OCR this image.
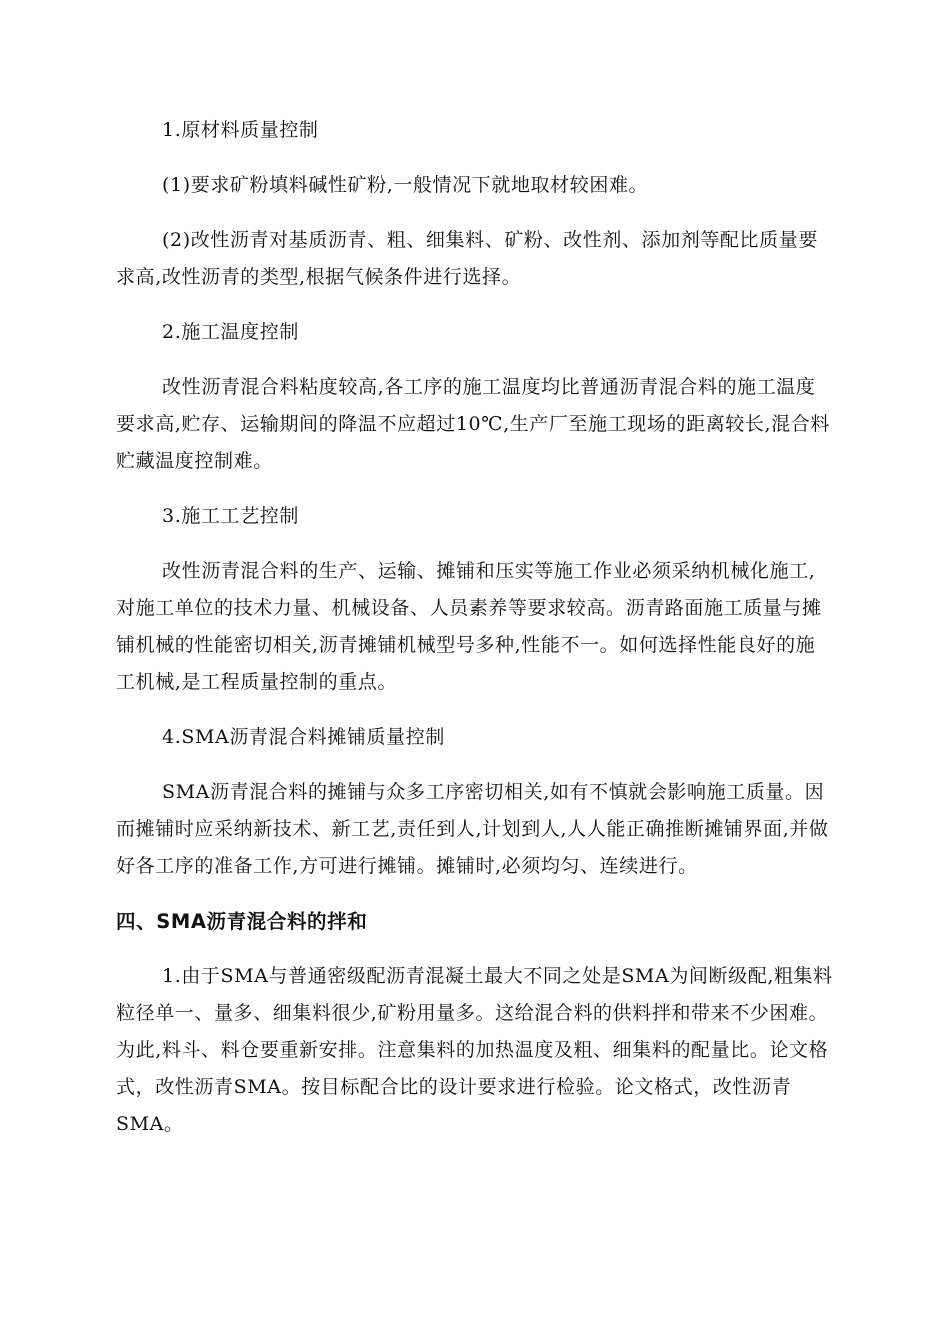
1.原材料质量控制

(1)要求矿粉填料碱性矿粉,一般情况下就地取材较困难。

(2)改性沥青对基质沥青、粗、细集料、矿粉、改性剂、添加剂等配比质量要求高,改性沥青的类型,根据气候条件进行选择。

2.施工温度控制

改性沥青混合料粘度较高,各工序的施工温度均比普通沥青混合料的施工温度要求高,贮存、运输期间的降温不应超过10℃,生产厂至施工现场的距离较长,混合料贮藏温度控制难。

3.施工工艺控制

改性沥青混合料的生产、运输、摊铺和压实等施工作业必须采纳机械化施工,对施工单位的技术力量、机械设备、人员素养等要求较高。沥青路面施工质量与摊铺机械的性能密切相关,沥青摊铺机械型号多种,性能不一。如何选择性能良好的施工机械,是工程质量控制的重点。

4.SMA沥青混合料摊铺质量控制

SMA沥青混合料的摊铺与众多工序密切相关,如有不慎就会影响施工质量。因而摊铺时应采纳新技术、新工艺,责任到人,计划到人,人人能正确推断摊铺界面,并做好各工序的准备工作,方可进行摊铺。摊铺时,必须均匀、连续进行。

四、SMA沥青混合料的拌和

1.由于SMA与普通密级配沥青混凝土最大不同之处是SMA为间断级配,粗集料粒径单一、量多、细集料很少,矿粉用量多。这给混合料的供料拌和带来不少困难。为此,料斗、料仓要重新安排。注意集料的加热温度及粗、细集料的配量比。论文格式，改性沥青SMA。按目标配合比的设计要求进行检验。论文格式，改性沥青SMA。
